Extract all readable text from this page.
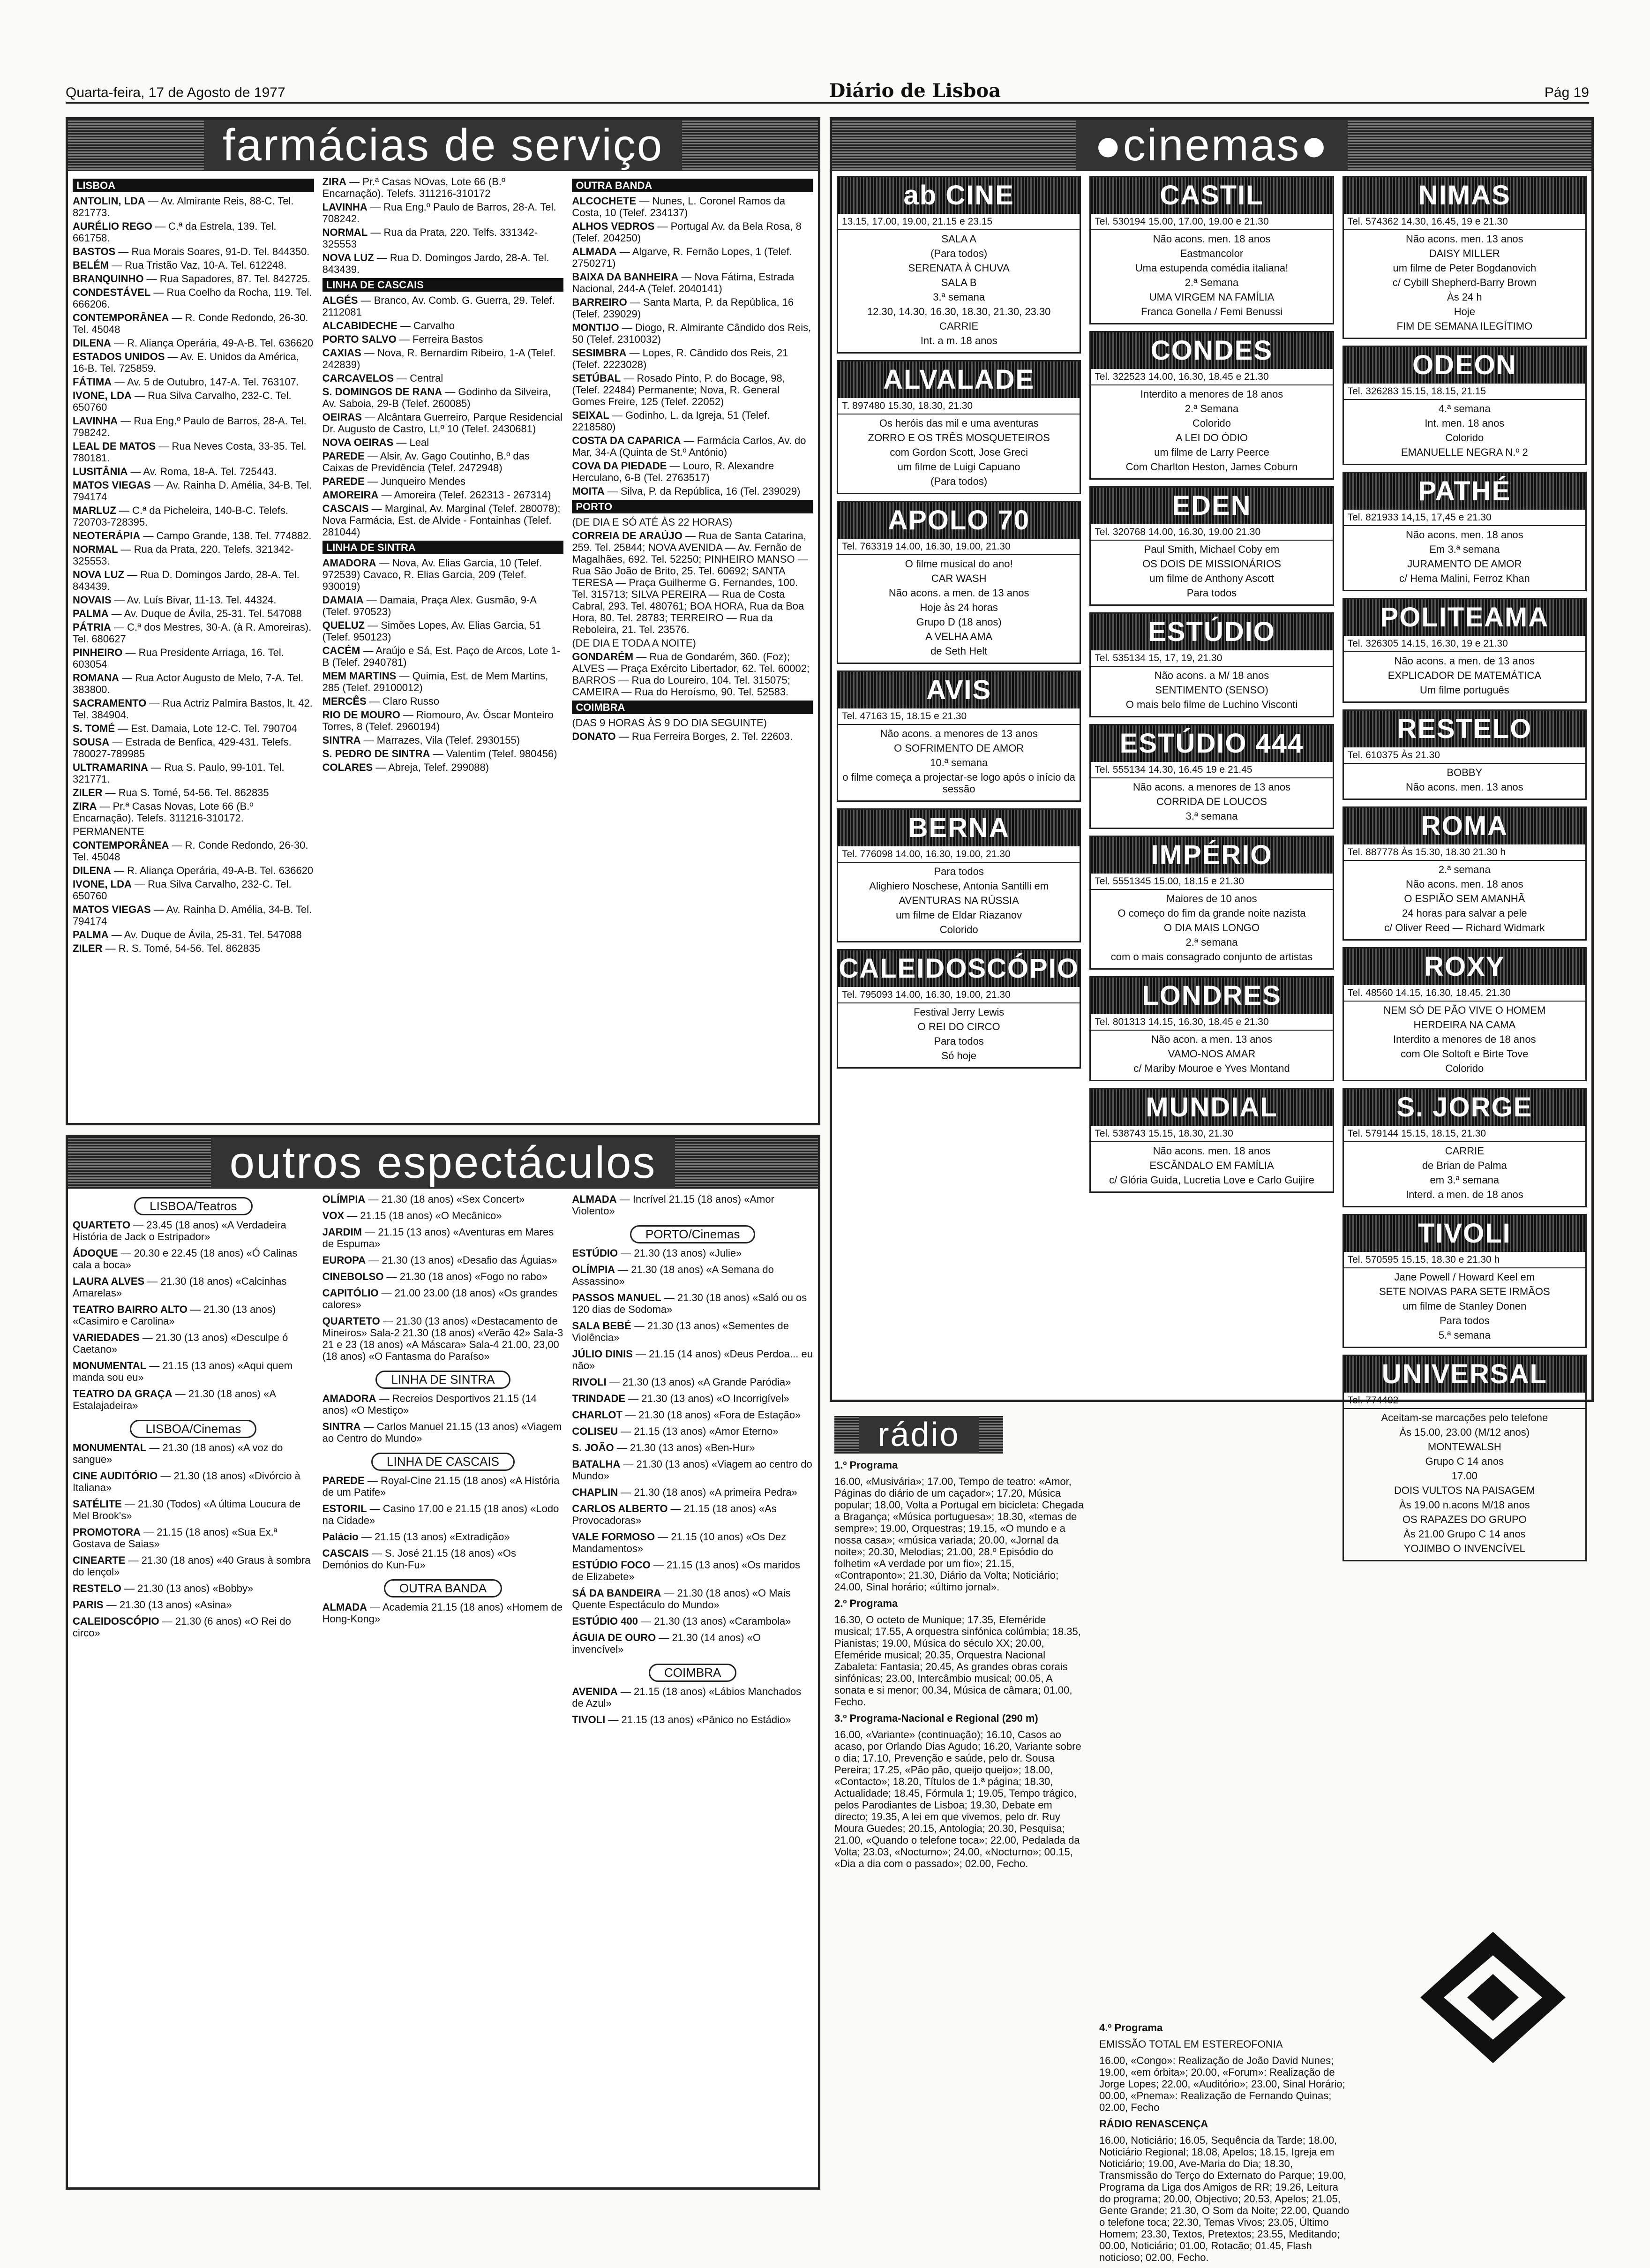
Quarta-feira, 17 de Agosto de 1977	Diário de Lisboa	Pág 19
farmácias de serviço
LISBOA
ANTOLIN, LDA — Av. Almirante Reis, 88-C. Tel. 821773.
AURÉLIO REGO — C.ª da Estrela, 139. Tel. 661758.
BASTOS — Rua Morais Soares, 91-D. Tel. 844350.
BELÉM — Rua Tristão Vaz, 10-A. Tel. 612248.
BRANQUINHO — Rua Sapadores, 87. Tel. 842725.
CONDESTÁVEL — Rua Coelho da Rocha, 119. Tel. 666206.
CONTEMPORÂNEA — R. Conde Redondo, 26-30. Tel. 45048
DILENA — R. Aliança Operária, 49-A-B. Tel. 636620
ESTADOS UNIDOS — Av. E. Unidos da América, 16-B. Tel. 725859.
FÁTIMA — Av. 5 de Outubro, 147-A. Tel. 763107.
IVONE, LDA — Rua Silva Carvalho, 232-C. Tel. 650760
LAVINHA — Rua Eng.º Paulo de Barros, 28-A. Tel. 798242.
LEAL DE MATOS — Rua Neves Costa, 33-35. Tel. 780181.
LUSITÂNIA — Av. Roma, 18-A. Tel. 725443.
MATOS VIEGAS — Av. Rainha D. Amélia, 34-B. Tel. 794174
MARLUZ — C.ª da Picheleira, 140-B-C. Telefs. 720703-728395.
NEOTERÁPIA — Campo Grande, 138. Tel. 774882.
NORMAL — Rua da Prata, 220. Telefs. 321342-325553.
NOVA LUZ — Rua D. Domingos Jardo, 28-A. Tel. 843439.
NOVAIS — Av. Luís Bivar, 11-13. Tel. 44324.
PALMA — Av. Duque de Ávila, 25-31. Tel. 547088
PÁTRIA — C.ª dos Mestres, 30-A. (à R. Amoreiras). Tel. 680627
PINHEIRO — Rua Presidente Arriaga, 16. Tel. 603054
ROMANA — Rua Actor Augusto de Melo, 7-A. Tel. 383800.
SACRAMENTO — Rua Actriz Palmira Bastos, lt. 42. Tel. 384904.
S. TOMÉ — Est. Damaia, Lote 12-C. Tel. 790704
SOUSA — Estrada de Benfica, 429-431. Telefs. 780027-789985
ULTRAMARINA — Rua S. Paulo, 99-101. Tel. 321771.
ZILER — Rua S. Tomé, 54-56. Tel. 862835
ZIRA — Pr.ª Casas Novas, Lote 66 (B.º Encarnação). Telefs. 311216-310172.
PERMANENTE
CONTEMPORÂNEA — R. Conde Redondo, 26-30. Tel. 45048
DILENA — R. Aliança Operária, 49-A-B. Tel. 636620
IVONE, LDA — Rua Silva Carvalho, 232-C. Tel. 650760
MATOS VIEGAS — Av. Rainha D. Amélia, 34-B. Tel. 794174
PALMA — Av. Duque de Ávila, 25-31. Tel. 547088
ZILER — R. S. Tomé, 54-56. Tel. 862835
ZIRA — Pr.ª Casas NOvas, Lote 66 (B.º Encarnação). Telefs. 311216-310172
LAVINHA — Rua Eng.º Paulo de Barros, 28-A. Tel. 708242.
NORMAL — Rua da Prata, 220. Telfs. 331342-325553
NOVA LUZ — Rua D. Domingos Jardo, 28-A. Tel. 843439.
LINHA DE CASCAIS
ALGÉS — Branco, Av. Comb. G. Guerra, 29. Telef. 2112081
ALCABIDECHE — Carvalho
PORTO SALVO — Ferreira Bastos
CAXIAS — Nova, R. Bernardim Ribeiro, 1-A (Telef. 242839)
CARCAVELOS — Central
S. DOMINGOS DE RANA — Godinho da Silveira, Av. Saboia, 29-B (Telef. 260085)
OEIRAS — Alcântara Guerreiro, Parque Residencial Dr. Augusto de Castro, Lt.º 10 (Telef. 2430681)
NOVA OEIRAS — Leal
PAREDE — Alsir, Av. Gago Coutinho, B.º das Caixas de Previdência (Telef. 2472948)
PAREDE — Junqueiro Mendes
AMOREIRA — Amoreira (Telef. 262313 - 267314)
CASCAIS — Marginal, Av. Marginal (Telef. 280078); Nova Farmácia, Est. de Alvide - Fontainhas (Telef. 281044)
LINHA DE SINTRA
AMADORA — Nova, Av. Elias Garcia, 10 (Telef. 972539) Cavaco, R. Elias Garcia, 209 (Telef. 930019)
DAMAIA — Damaia, Praça Alex. Gusmão, 9-A (Telef. 970523)
QUELUZ — Simões Lopes, Av. Elias Garcia, 51 (Telef. 950123)
CACÉM — Araújo e Sá, Est. Paço de Arcos, Lote 1-B (Telef. 2940781)
MEM MARTINS — Quimia, Est. de Mem Martins, 285 (Telef. 29100012)
MERCÊS — Claro Russo
RIO DE MOURO — Riomouro, Av. Óscar Monteiro Torres, 8 (Telef. 2960194)
SINTRA — Marrazes, Vila (Telef. 2930155)
S. PEDRO DE SINTRA — Valentim (Telef. 980456)
COLARES — Abreja, Telef. 299088)
OUTRA BANDA
ALCOCHETE — Nunes, L. Coronel Ramos da Costa, 10 (Telef. 234137)
ALHOS VEDROS — Portugal Av. da Bela Rosa, 8 (Telef. 204250)
ALMADA — Algarve, R. Fernão Lopes, 1 (Telef. 2750271)
BAIXA DA BANHEIRA — Nova Fátima, Estrada Nacional, 244-A (Telef. 2040141)
BARREIRO — Santa Marta, P. da República, 16 (Telef. 239029)
MONTIJO — Diogo, R. Almirante Cândido dos Reis, 50 (Telef. 2310032)
SESIMBRA — Lopes, R. Cândido dos Reis, 21 (Telef. 2223028)
SETÚBAL — Rosado Pinto, P. do Bocage, 98, (Telef. 22484) Permanente; Nova, R. General Gomes Freire, 125 (Telef. 22052)
SEIXAL — Godinho, L. da Igreja, 51 (Telef. 2218580)
COSTA DA CAPARICA — Farmácia Carlos, Av. do Mar, 34-A (Quinta de St.º António)
COVA DA PIEDADE — Louro, R. Alexandre Herculano, 6-B (Tel. 2763517)
MOITA — Silva, P. da República, 16 (Tel. 239029)
PORTO
(DE DIA E SÓ ATÉ ÀS 22 HORAS)
CORREIA DE ARAÚJO — Rua de Santa Catarina, 259. Tel. 25844; NOVA AVENIDA — Av. Fernão de Magalhães, 692. Tel. 52250; PINHEIRO MANSO — Rua São João de Brito, 25. Tel. 60692; SANTA TERESA — Praça Guilherme G. Fernandes, 100. Tel. 315713; SILVA PEREIRA — Rua de Costa Cabral, 293. Tel. 480761; BOA HORA, Rua da Boa Hora, 80. Tel. 28783; TERREIRO — Rua da Reboleira, 21. Tel. 23576.
(DE DIA E TODA A NOITE)
GONDARÉM — Rua de Gondarém, 360. (Foz); ALVES — Praça Exército Libertador, 62. Tel. 60002; BARROS — Rua do Loureiro, 104. Tel. 315075; CAMEIRA — Rua do Heroísmo, 90. Tel. 52583.
COIMBRA
(DAS 9 HORAS ÀS 9 DO DIA SEGUINTE)
DONATO — Rua Ferreira Borges, 2. Tel. 22603.
●cinemas●
ab CINE
13.15, 17.00, 19.00, 21.15 e 23.15

SALA A

(Para todos)

SERENATA À CHUVA

SALA B

3.ª semana

12.30, 14.30, 16.30, 18.30, 21.30, 23.30

CARRIE

Int. a m. 18 anos

ALVALADE
T. 897480 15.30, 18.30, 21.30

Os heróis das mil e uma aventuras

ZORRO E OS TRÊS MOSQUETEIROS

com Gordon Scott, Jose Greci

um filme de Luigi Capuano

(Para todos)

APOLO 70
Tel. 763319 14.00, 16.30, 19.00, 21.30

O filme musical do ano!

CAR WASH

Não acons. a men. de 13 anos

Hoje às 24 horas

Grupo D (18 anos)

A VELHA AMA

de Seth Helt

AVIS
Tel. 47163 15, 18.15 e 21.30

Não acons. a menores de 13 anos

O SOFRIMENTO DE AMOR

10.ª semana

o filme começa a projectar-se logo após o início da sessão

BERNA
Tel. 776098 14.00, 16.30, 19.00, 21.30

Para todos

Alighiero Noschese, Antonia Santilli em

AVENTURAS NA RÚSSIA

um filme de Eldar Riazanov

Colorido

CALEIDOSCÓPIO
Tel. 795093 14.00, 16.30, 19.00, 21.30

Festival Jerry Lewis

O REI DO CIRCO

Para todos

Só hoje

CASTIL
Tel. 530194 15.00, 17.00, 19.00 e 21.30

Não acons. men. 18 anos

Eastmancolor

Uma estupenda comédia italiana!

2.ª Semana

UMA VIRGEM NA FAMÍLIA

Franca Gonella / Femi Benussi

CONDES
Tel. 322523 14.00, 16.30, 18.45 e 21.30

Interdito a menores de 18 anos

2.ª Semana

Colorido

A LEI DO ÓDIO

um filme de Larry Peerce

Com Charlton Heston, James Coburn

EDEN
Tel. 320768 14.00, 16.30, 19.00 21.30

Paul Smith, Michael Coby em

OS DOIS DE MISSIONÁRIOS

um filme de Anthony Ascott

Para todos

ESTÚDIO
Tel. 535134 15, 17, 19, 21.30

Não acons. a M/ 18 anos

SENTIMENTO (SENSO)

O mais belo filme de Luchino Visconti

ESTÚDIO 444
Tel. 555134 14.30, 16.45 19 e 21.45

Não acons. a menores de 13 anos

CORRIDA DE LOUCOS

3.ª semana

IMPÉRIO
Tel. 5551345 15.00, 18.15 e 21.30

Maiores de 10 anos

O começo do fim da grande noite nazista

O DIA MAIS LONGO

2.ª semana

com o mais consagrado conjunto de artistas

LONDRES
Tel. 801313 14.15, 16.30, 18.45 e 21.30

Não acon. a men. 13 anos

VAMO-NOS AMAR

c/ Mariby Mouroe e Yves Montand

MUNDIAL
Tel. 538743 15.15, 18.30, 21.30

Não acons. men. 18 anos

ESCÂNDALO EM FAMÍLIA

c/ Glória Guida, Lucretia Love e Carlo Guijire

NIMAS
Tel. 574362 14.30, 16.45, 19 e 21.30

Não acons. men. 13 anos

DAISY MILLER

um filme de Peter Bogdanovich

c/ Cybill Shepherd-Barry Brown

Às 24 h

Hoje

FIM DE SEMANA ILEGÍTIMO

ODEON
Tel. 326283 15.15, 18.15, 21.15

4.ª semana

Int. men. 18 anos

Colorido

EMANUELLE NEGRA N.º 2

PATHÉ
Tel. 821933 14,15, 17,45 e 21.30

Não acons. men. 18 anos

Em 3.ª semana

JURAMENTO DE AMOR

c/ Hema Malini, Ferroz Khan

POLITEAMA
Tel. 326305 14.15, 16.30, 19 e 21.30

Não acons. a men. de 13 anos

EXPLICADOR DE MATEMÁTICA

Um filme português

RESTELO
Tel. 610375 Às 21.30

BOBBY

Não acons. men. 13 anos

ROMA
Tel. 887778 Às 15.30, 18.30 21.30 h

2.ª semana

Não acons. men. 18 anos

O ESPIÃO SEM AMANHÃ

24 horas para salvar a pele

c/ Oliver Reed — Richard Widmark

ROXY
Tel. 48560 14.15, 16.30, 18.45, 21.30

NEM SÓ DE PÃO VIVE O HOMEM

HERDEIRA NA CAMA

Interdito a menores de 18 anos

com Ole Soltoft e Birte Tove

Colorido

S. JORGE
Tel. 579144 15.15, 18.15, 21.30

CARRIE

de Brian de Palma

em 3.ª semana

Interd. a men. de 18 anos

TIVOLI
Tel. 570595 15.15, 18.30 e 21.30 h

Jane Powell / Howard Keel em

SETE NOIVAS PARA SETE IRMÃOS

um filme de Stanley Donen

Para todos

5.ª semana

UNIVERSAL
Tel. 774402

Aceitam-se marcações pelo telefone

Às 15.00, 23.00 (M/12 anos)

MONTEWALSH

Grupo C 14 anos

17.00

DOIS VULTOS NA PAISAGEM

Às 19.00 n.acons M/18 anos

OS RAPAZES DO GRUPO

Às 21.00 Grupo C 14 anos

YOJIMBO O INVENCÍVEL

outros espectáculos
LISBOA/Teatros
QUARTETO — 23.45 (18 anos) «A Verdadeira História de Jack o Estripador»
ÁDOQUE — 20.30 e 22.45 (18 anos) «Ó Calinas cala a boca»
LAURA ALVES — 21.30 (18 anos) «Calcinhas Amarelas»
TEATRO BAIRRO ALTO — 21.30 (13 anos) «Casimiro e Carolina»
VARIEDADES — 21.30 (13 anos) «Desculpe ó Caetano»
MONUMENTAL — 21.15 (13 anos) «Aqui quem manda sou eu»
TEATRO DA GRAÇA — 21.30 (18 anos) «A Estalajadeira»
LISBOA/Cinemas
MONUMENTAL — 21.30 (18 anos) «A voz do sangue»
CINE AUDITÓRIO — 21.30 (18 anos) «Divórcio à Italiana»
SATÉLITE — 21.30 (Todos) «A última Loucura de Mel Brook's»
PROMOTORA — 21.15 (18 anos) «Sua Ex.ª Gostava de Saias»
CINEARTE — 21.30 (18 anos) «40 Graus à sombra do lençol»
RESTELO — 21.30 (13 anos) «Bobby»
PARIS — 21.30 (13 anos) «Asina»
CALEIDOSCÓPIO — 21.30 (6 anos) «O Rei do circo»
OLÍMPIA — 21.30 (18 anos) «Sex Concert»
VOX — 21.15 (18 anos) «O Mecânico»
JARDIM — 21.15 (13 anos) «Aventuras em Mares de Espuma»
EUROPA — 21.30 (13 anos) «Desafio das Águias»
CINEBOLSO — 21.30 (18 anos) «Fogo no rabo»
CAPITÓLIO — 21.00 23.00 (18 anos) «Os grandes calores»
QUARTETO — 21.30 (13 anos) «Destacamento de Mineiros» Sala-2 21.30 (18 anos) «Verão 42» Sala-3 21 e 23 (18 anos) «A Máscara» Sala-4 21.00, 23,00 (18 anos) «O Fantasma do Paraíso»
LINHA DE SINTRA
AMADORA — Recreios Desportivos 21.15 (14 anos) «O Mestiço»
SINTRA — Carlos Manuel 21.15 (13 anos) «Viagem ao Centro do Mundo»
LINHA DE CASCAIS
PAREDE — Royal-Cine 21.15 (18 anos) «A História de um Patife»
ESTORIL — Casino 17.00 e 21.15 (18 anos) «Lodo na Cidade»
Palácio — 21.15 (13 anos) «Extradição»
CASCAIS — S. José 21.15 (18 anos) «Os Demónios do Kun-Fu»
OUTRA BANDA
ALMADA — Academia 21.15 (18 anos) «Homem de Hong-Kong»
ALMADA — Incrível 21.15 (18 anos) «Amor Violento»
PORTO/Cinemas
ESTÚDIO — 21.30 (13 anos) «Julie»
OLÍMPIA — 21.30 (18 anos) «A Semana do Assassino»
PASSOS MANUEL — 21.30 (18 anos) «Saló ou os 120 dias de Sodoma»
SALA BEBÉ — 21.30 (13 anos) «Sementes de Violência»
JÚLIO DINIS — 21.15 (14 anos) «Deus Perdoa... eu não»
RIVOLI — 21.30 (13 anos) «A Grande Paródia»
TRINDADE — 21.30 (13 anos) «O Incorrigível»
CHARLOT — 21.30 (18 anos) «Fora de Estação»
COLISEU — 21.15 (13 anos) «Amor Eterno»
S. JOÃO — 21.30 (13 anos) «Ben-Hur»
BATALHA — 21.30 (13 anos) «Viagem ao centro do Mundo»
CHAPLIN — 21.30 (18 anos) «A primeira Pedra»
CARLOS ALBERTO — 21.15 (18 anos) «As Provocadoras»
VALE FORMOSO — 21.15 (10 anos) «Os Dez Mandamentos»
ESTÚDIO FOCO — 21.15 (13 anos) «Os maridos de Elizabete»
SÁ DA BANDEIRA — 21.30 (18 anos) «O Mais Quente Espectáculo do Mundo»
ESTÚDIO 400 — 21.30 (13 anos) «Carambola»
ÁGUIA DE OURO — 21.30 (14 anos) «O invencível»
COIMBRA
AVENIDA — 21.15 (18 anos) «Lábios Manchados de Azul»
TIVOLI — 21.15 (13 anos) «Pânico no Estádio»
rádio

1.º Programa

16.00, «Musivária»; 17.00, Tempo de teatro: «Amor, Páginas do diário de um caçador»; 17.20, Música popular; 18.00, Volta a Portugal em bicicleta: Chegada a Bragança; «Música portuguesa»; 18.30, «temas de sempre»; 19.00, Orquestras; 19.15, «O mundo e a nossa casa»; «música variada; 20.00, «Jornal da noite»; 20.30, Melodias; 21.00, 28.º Episódio do folhetim «A verdade por um fio»; 21.15, «Contraponto»; 21.30, Diário da Volta; Noticiário; 24.00, Sinal horário; «último jornal».

2.º Programa

16.30, O octeto de Munique; 17.35, Efeméride musical; 17.55, A orquestra sinfónica colúmbia; 18.35, Pianistas; 19.00, Música do século XX; 20.00, Efeméride musical; 20.35, Orquestra Nacional Zabaleta: Fantasia; 20.45, As grandes obras corais sinfónicas; 23.00, Intercâmbio musical; 00.05, A sonata e si menor; 00.34, Música de câmara; 01.00, Fecho.

3.º Programa-Nacional e Regional (290 m)

16.00, «Variante» (continuação); 16.10, Casos ao acaso, por Orlando Dias Agudo; 16.20, Variante sobre o dia; 17.10, Prevenção e saúde, pelo dr. Sousa Pereira; 17.25, «Pão pão, queijo queijo»; 18.00, «Contacto»; 18.20, Títulos de 1.ª página; 18.30, Actualidade; 18.45, Fórmula 1; 19.05, Tempo trágico, pelos Parodiantes de Lisboa; 19.30, Debate em directo; 19.35, A lei em que vivemos, pelo dr. Ruy Moura Guedes; 20.15, Antologia; 20.30, Pesquisa; 21.00, «Quando o telefone toca»; 22.00, Pedalada da Volta; 23.03, «Nocturno»; 24.00, «Nocturno»; 00.15, «Dia a dia com o passado»; 02.00, Fecho.

4.º Programa

EMISSÃO TOTAL EM ESTEREOFONIA

16.00, «Congo»: Realização de João David Nunes; 19.00, «em órbita»; 20.00, «Forum»: Realização de Jorge Lopes; 22.00, «Auditório»; 23.00, Sinal Horário; 00.00, «Pnema»: Realização de Fernando Quinas; 02.00, Fecho

RÁDIO RENASCENÇA

16.00, Noticiário; 16.05, Sequência da Tarde; 18.00, Noticiário Regional; 18.08, Apelos; 18.15, Igreja em Noticiário; 19.00, Ave-Maria do Dia; 18.30, Transmissão do Terço do Externato do Parque; 19.00, Programa da Liga dos Amigos de RR; 19.26, Leitura do programa; 20.00, Objectivo; 20.53, Apelos; 21.05, Gente Grande; 21.30, O Som da Noite; 22.00, Quando o telefone toca; 22.30, Temas Vivos; 23.05, Último Homem; 23.30, Textos, Pretextos; 23.55, Meditando; 00.00, Noticiário; 01.00, Rotacão; 01.45, Flash noticioso; 02.00, Fecho.
